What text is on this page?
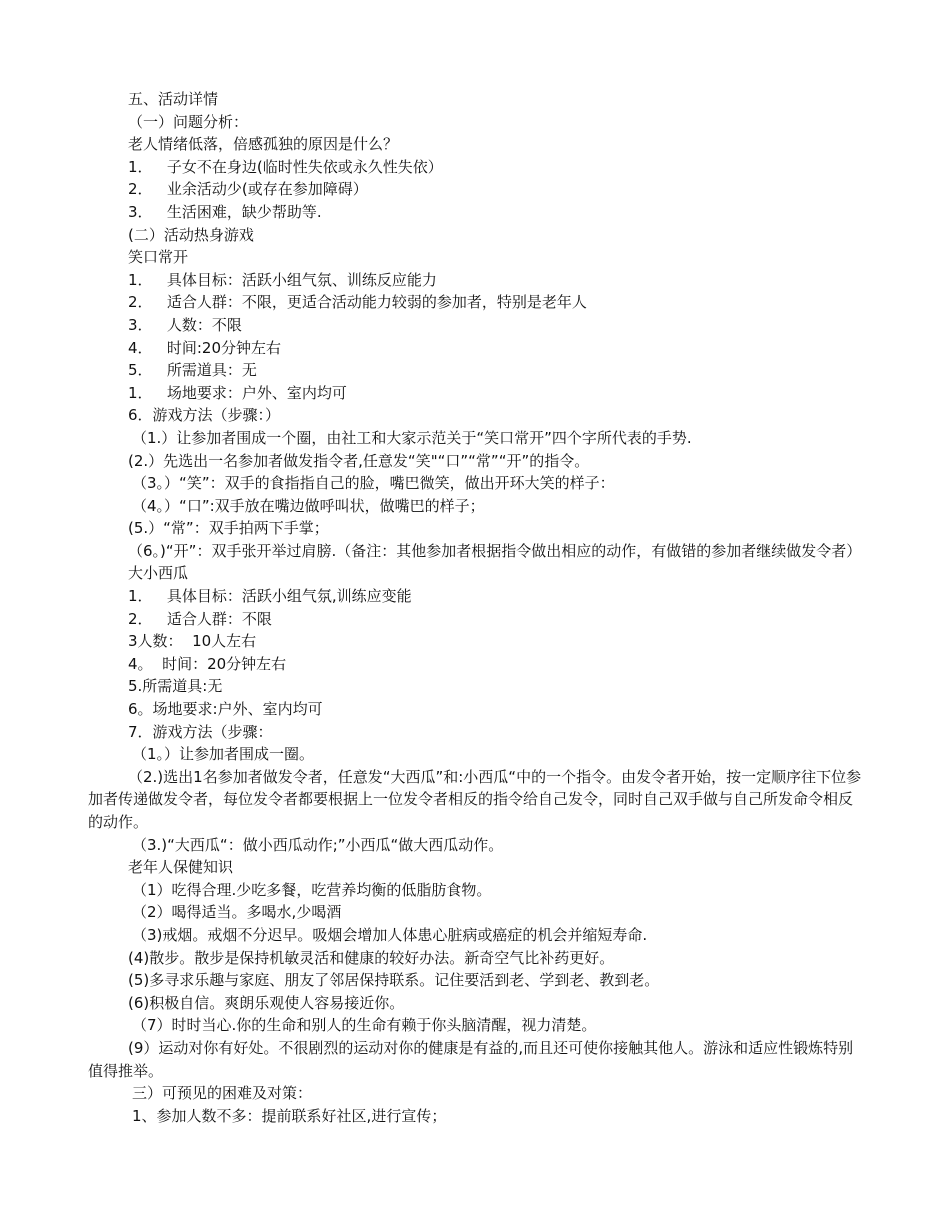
五、活动详情

（一）问题分析：

老人情绪低落，倍感孤独的原因是什么？

1．   子女不在身边(临时性失依或永久性失依）

2．   业余活动少(或存在参加障碍）

3．   生活困难，缺少帮助等.

(二）活动热身游戏

笑口常开

1．   具体目标：活跃小组气氛、训练反应能力

2．   适合人群：不限，更适合活动能力较弱的参加者，特别是老年人

3．   人数：不限

4．   时间:20分钟左右

5．   所需道具：无

1．   场地要求：户外、室内均可

6．游戏方法（步骤：）

（1.）让参加者围成一个圈，由社工和大家示范关于“笑口常开”四个字所代表的手势.

(2.）先选出一名参加者做发指令者,任意发“笑"“口”“常”“开”的指令。

（3。）“笑”：双手的食指指自己的脸，嘴巴微笑，做出开环大笑的样子：

（4。）“口”:双手放在嘴边做呼叫状，做嘴巴的样子；

(5.）“常”：双手拍两下手掌；

（6。)“开”：双手张开举过肩膀.（备注：其他参加者根据指令做出相应的动作，有做错的参加者继续做发令者）

大小西瓜

1．   具体目标：活跃小组气氛,训练应变能

2．   适合人群：不限

3人数：  10人左右

4。  时间：20分钟左右

5.所需道具:无

6。场地要求:户外、室内均可

7．游戏方法（步骤：

（1。）让参加者围成一圈。

（2.)选出1名参加者做发令者，任意发“大西瓜”和:小西瓜“中的一个指令。由发令者开始，按一定顺序往下位参加者传递做发令者，每位发令者都要根据上一位发令者相反的指令给自己发令，同时自己双手做与自己所发命令相反的动作。

（3.)“大西瓜“：做小西瓜动作;”小西瓜“做大西瓜动作。

老年人保健知识

（1）吃得合理.少吃多餐，吃营养均衡的低脂肪食物。

（2）喝得适当。多喝水,少喝酒

（3)戒烟。戒烟不分迟早。吸烟会增加人体患心脏病或癌症的机会并缩短寿命.

(4)散步。散步是保持机敏灵活和健康的较好办法。新奇空气比补药更好。

(5)多寻求乐趣与家庭、朋友了邻居保持联系。记住要活到老、学到老、教到老。

(6)积极自信。爽朗乐观使人容易接近你。

（7）时时当心.你的生命和别人的生命有赖于你头脑清醒，视力清楚。

(9）运动对你有好处。不很剧烈的运动对你的健康是有益的,而且还可使你接触其他人。游泳和适应性锻炼特别值得推举。

三）可预见的困难及对策：

1、参加人数不多：提前联系好社区,进行宣传；
